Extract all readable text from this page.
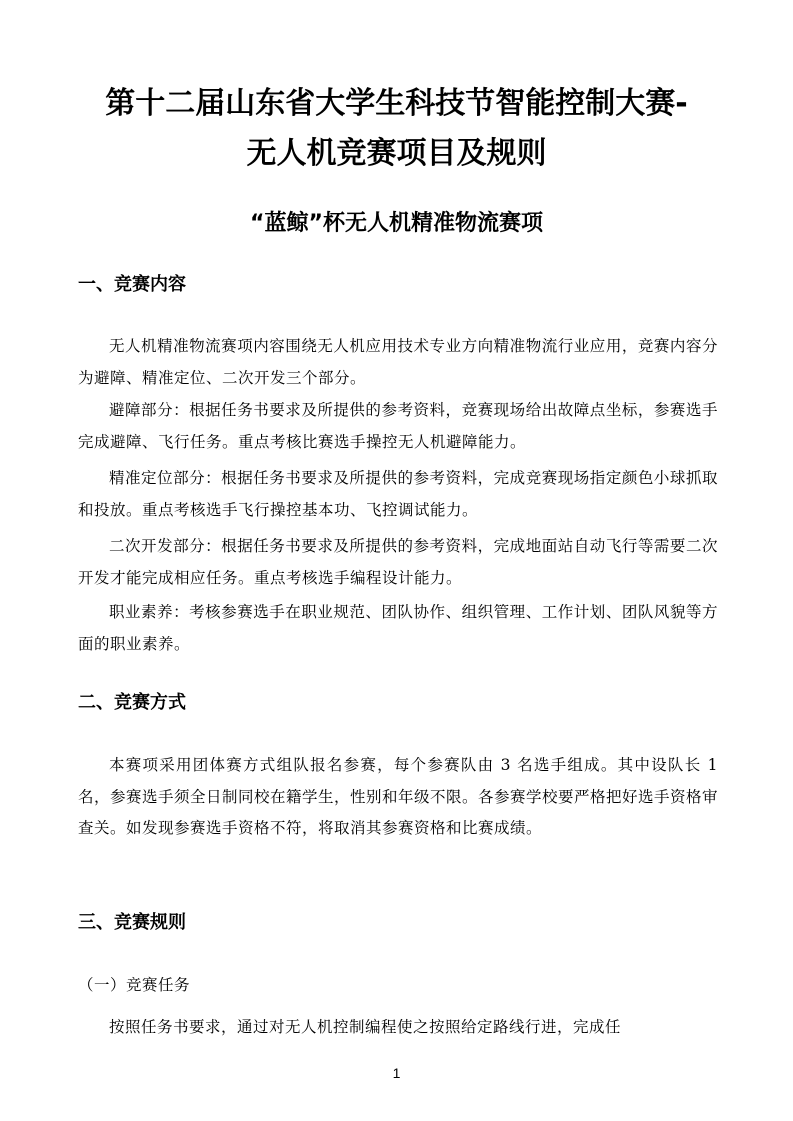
第十二届山东省大学生科技节智能控制大赛-
无人机竞赛项目及规则
“蓝鲸”杯无人机精准物流赛项
一、竞赛内容

无人机精准物流赛项内容围绕无人机应用技术专业方向精准物流行业应用，竞赛内容分为避障、精准定位、二次开发三个部分。

避障部分：根据任务书要求及所提供的参考资料，竞赛现场给出故障点坐标，参赛选手完成避障、飞行任务。重点考核比赛选手操控无人机避障能力。

精准定位部分：根据任务书要求及所提供的参考资料，完成竞赛现场指定颜色小球抓取和投放。重点考核选手飞行操控基本功、飞控调试能力。

二次开发部分：根据任务书要求及所提供的参考资料，完成地面站自动飞行等需要二次开发才能完成相应任务。重点考核选手编程设计能力。

职业素养：考核参赛选手在职业规范、团队协作、组织管理、工作计划、团队风貌等方面的职业素养。

二、竞赛方式

本赛项采用团体赛方式组队报名参赛，每个参赛队由 3 名选手组成。其中设队长 1 名，参赛选手须全日制同校在籍学生，性别和年级不限。各参赛学校要严格把好选手资格审查关。如发现参赛选手资格不符，将取消其参赛资格和比赛成绩。

三、竞赛规则

（一）竞赛任务

按照任务书要求，通过对无人机控制编程使之按照给定路线行进，完成任

1
